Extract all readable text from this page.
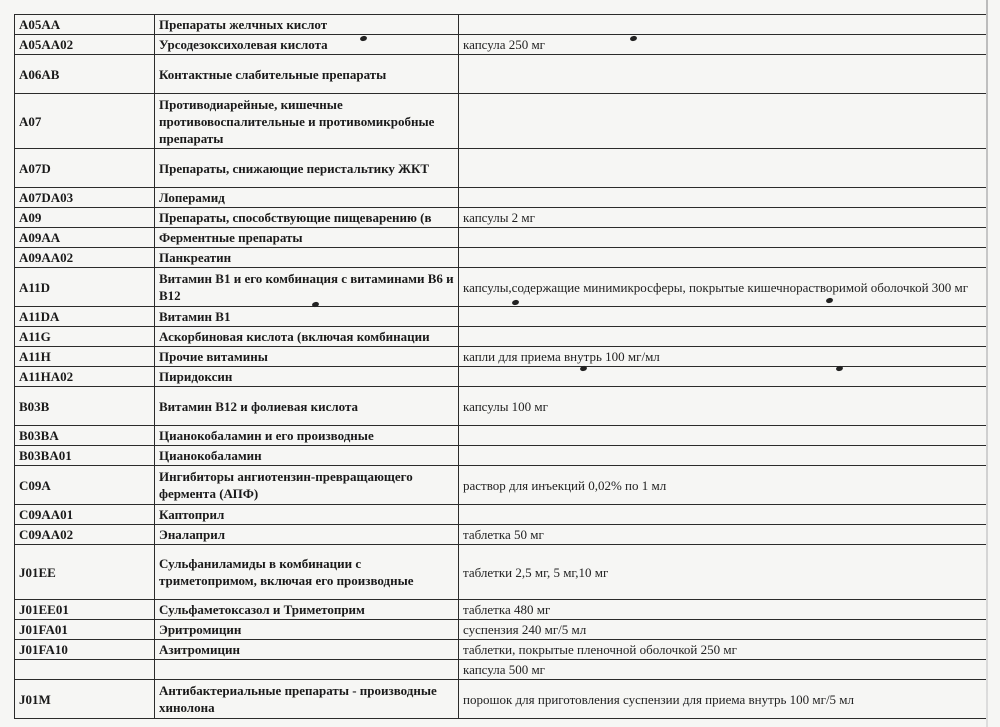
A05AA	Препараты желчных кислот	
A05AA02	Урсодезоксихолевая кислота	капсула 250 мг
A06AB	Контактные слабительные препараты	
A07	Противодиарейные, кишечные противовоспалительные и противомикробные препараты	
A07D	Препараты, снижающие перистальтику ЖКТ	
A07DA03	Лоперамид	
A09	Препараты, способствующие пищеварению (в	капсулы 2 мг
A09AA	Ферментные препараты	
A09AA02	Панкреатин	
A11D	Витамин В1 и его комбинация с витаминами В6 и В12	капсулы,содержащие минимикросферы, покрытые кишечнорастворимой оболочкой 300 мг
A11DA	Витамин В1	
A11G	Аскорбиновая кислота (включая комбинации	
A11H	Прочие витамины	капли для приема внутрь 100 мг/мл
A11HA02	Пиридоксин	
B03B	Витамин В12 и фолиевая кислота	капсулы 100 мг
B03BA	Цианокобаламин и его производные	
B03BA01	Цианокобаламин	
C09A	Ингибиторы ангиотензин-превращающего фермента (АПФ)	раствор для инъекций 0,02% по 1 мл
C09AA01	Каптоприл	
C09AA02	Эналаприл	таблетка 50 мг
J01EE	Сульфаниламиды в комбинации с триметопримом, включая его производные	таблетки 2,5 мг, 5 мг,10 мг
J01EE01	Сульфаметоксазол и Триметоприм	таблетка 480 мг
J01FA01	Эритромицин	суспензия 240 мг/5 мл
J01FA10	Азитромицин	таблетки, покрытые пленочной оболочкой 250 мг
		капсула 500 мг
J01M	Антибактериальные препараты - производные хинолона	порошок для приготовления суспензии для приема внутрь 100 мг/5 мл
